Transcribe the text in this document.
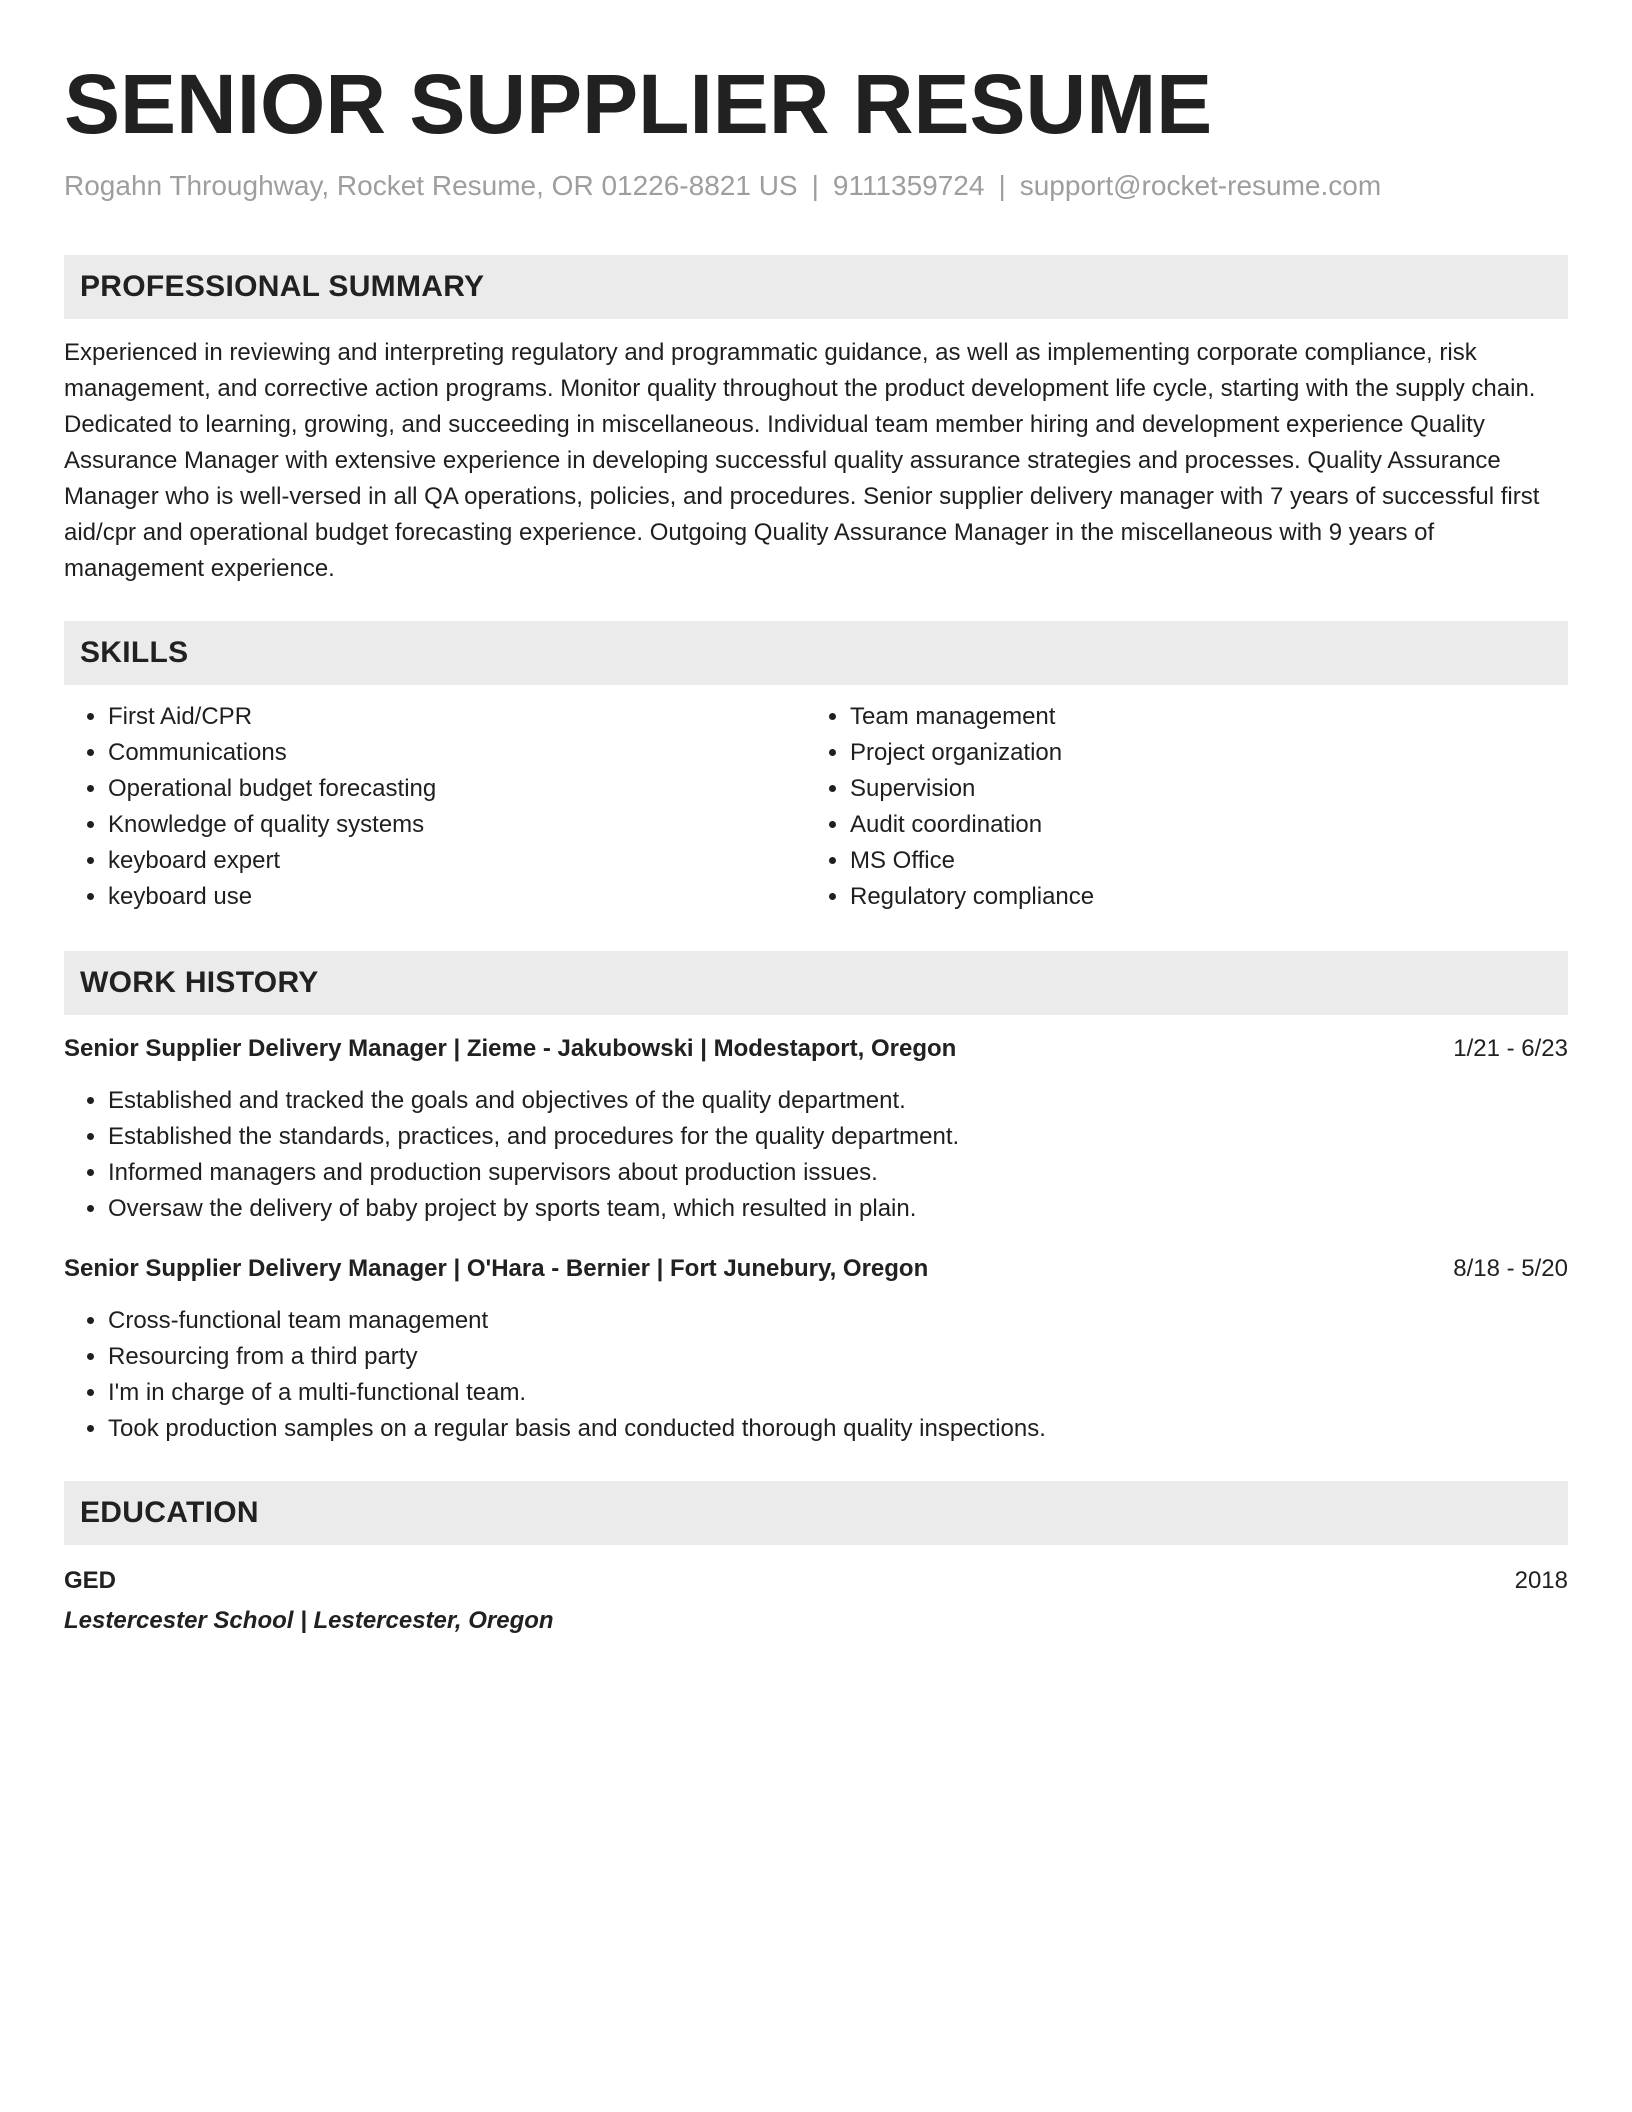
SENIOR SUPPLIER RESUME
Rogahn Throughway, Rocket Resume, OR 01226-8821 US | 9111359724 | support@rocket-resume.com
PROFESSIONAL SUMMARY
Experienced in reviewing and interpreting regulatory and programmatic guidance, as well as implementing corporate compliance, risk management, and corrective action programs. Monitor quality throughout the product development life cycle, starting with the supply chain. Dedicated to learning, growing, and succeeding in miscellaneous. Individual team member hiring and development experience Quality Assurance Manager with extensive experience in developing successful quality assurance strategies and processes. Quality Assurance Manager who is well-versed in all QA operations, policies, and procedures. Senior supplier delivery manager with 7 years of successful first aid/cpr and operational budget forecasting experience. Outgoing Quality Assurance Manager in the miscellaneous with 9 years of management experience.
SKILLS
• First Aid/CPR
• Communications
• Operational budget forecasting
• Knowledge of quality systems
• keyboard expert
• keyboard use
• Team management
• Project organization
• Supervision
• Audit coordination
• MS Office
• Regulatory compliance
WORK HISTORY
Senior Supplier Delivery Manager | Zieme - Jakubowski | Modestaport, Oregon	1/21 - 6/23
• Established and tracked the goals and objectives of the quality department.
• Established the standards, practices, and procedures for the quality department.
• Informed managers and production supervisors about production issues.
• Oversaw the delivery of baby project by sports team, which resulted in plain.
Senior Supplier Delivery Manager | O'Hara - Bernier | Fort Junebury, Oregon	8/18 - 5/20
• Cross-functional team management
• Resourcing from a third party
• I'm in charge of a multi-functional team.
• Took production samples on a regular basis and conducted thorough quality inspections.
EDUCATION
GED	2018
Lestercester School | Lestercester, Oregon
